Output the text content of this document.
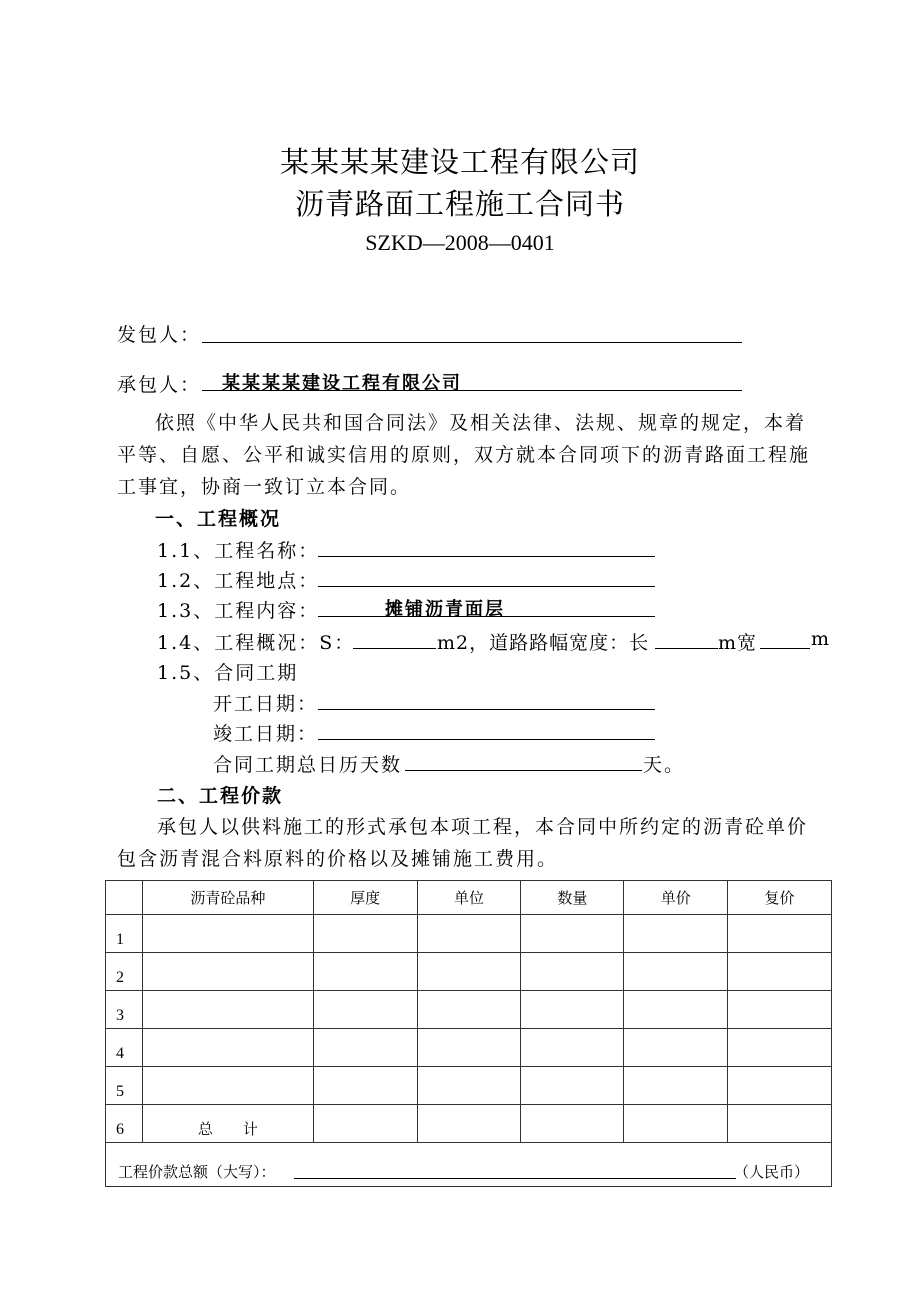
某某某某建设工程有限公司
沥青路面工程施工合同书
SZKD—2008—0401
发包人：
承包人： 某某某某建设工程有限公司
依照《中华人民共和国合同法》及相关法律、法规、规章的规定，本着
平等、自愿、公平和诚实信用的原则，双方就本合同项下的沥青路面工程施
工事宜，协商一致订立本合同。
一、工程概况
1.1、工程名称：
1.2、工程地点：
1.3、工程内容：	摊铺沥青面层
1.4、工程概况：S：	m2，道路路幅宽度：长	m宽	m
1.5、合同工期
开工日期：
竣工日期：
合同工期总日历天数	天。
二、工程价款
承包人以供料施工的形式承包本项工程，本合同中所约定的沥青砼单价
包含沥青混合料原料的价格以及摊铺施工费用。
	沥青砼品种	厚度	单位	数量	单价	复价
1						
2						
3						
4						
5						
6	总　　计					

工程价款总额（大写）： （人民币）						
